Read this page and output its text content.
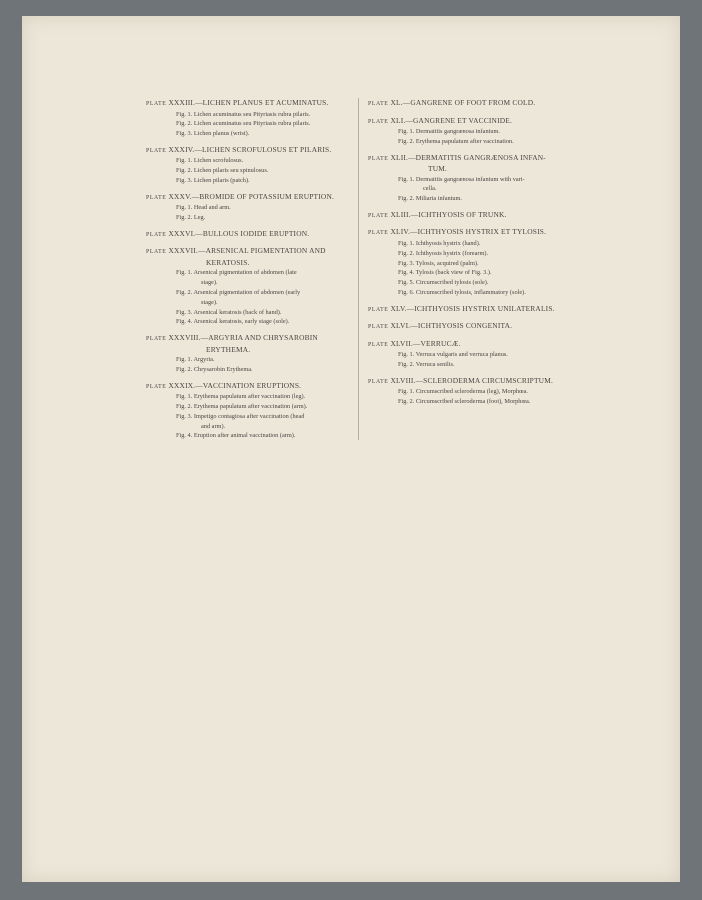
PLATE XXXIII.—LICHEN PLANUS ET ACUMINATUS.
Fig. 1. Lichen acuminatus seu Pityriasis rubra pilaris.
Fig. 2. Lichen acuminatus seu Pityriasis rubra pilaris.
Fig. 3. Lichen planus (wrist).
PLATE XXXIV.—LICHEN SCROFULOSUS ET PILARIS.
Fig. 1. Lichen scrofulosus.
Fig. 2. Lichen pilaris seu spinulosus.
Fig. 3. Lichen pilaris (patch).
PLATE XXXV.—BROMIDE OF POTASSIUM ERUPTION.
Fig. 1. Head and arm.
Fig. 2. Leg.
PLATE XXXVI.—BULLOUS IODIDE ERUPTION.
PLATE XXXVII.—ARSENICAL PIGMENTATION AND
KERATOSIS.
Fig. 1. Arsenical pigmentation of abdomen (late
stage).
Fig. 2. Arsenical pigmentation of abdomen (early
stage).
Fig. 3. Arsenical keratosis (back of hand).
Fig. 4. Arsenical keratosis, early stage (sole).
PLATE XXXVIII.—ARGYRIA AND CHRYSAROBIN
ERYTHEMA.
Fig. 1. Argyria.
Fig. 2. Chrysarobin Erythema.
PLATE XXXIX.—VACCINATION ERUPTIONS.
Fig. 1. Erythema papulatum after vaccination (leg).
Fig. 2. Erythema papulatum after vaccination (arm).
Fig. 3. Impetigo contagiosa after vaccination (head
and arm).
Fig. 4. Eruption after animal vaccination (arm).
PLATE XL.—GANGRENE OF FOOT FROM COLD.
PLATE XLI.—GANGRENE ET VACCINIDE.
Fig. 1. Dermatitis gangrænosa infantum.
Fig. 2. Erythema papulatum after vaccination.
PLATE XLII.—DERMATITIS GANGRÆNOSA INFAN-
TUM.
Fig. 1. Dermatitis gangrænosa infantum with vari-
cella.
Fig. 2. Miliaria infantum.
PLATE XLIII.—ICHTHYOSIS OF TRUNK.
PLATE XLIV.—ICHTHYOSIS HYSTRIX ET TYLOSIS.
Fig. 1. Ichthyosis hystrix (hand).
Fig. 2. Ichthyosis hystrix (forearm).
Fig. 3. Tylosis, acquired (palm).
Fig. 4. Tylosis (back view of Fig. 3.).
Fig. 5. Circumscribed tylosis (sole).
Fig. 6. Circumscribed tylosis, inflammatory (sole).
PLATE XLV.—ICHTHYOSIS HYSTRIX UNILATERALIS.
PLATE XLVI.—ICHTHYOSIS CONGENITA.
PLATE XLVII.—VERRUCÆ.
Fig. 1. Verruca vulgaris and verruca planus.
Fig. 2. Verruca senilis.
PLATE XLVIII.—SCLERODERMA CIRCUMSCRIPTUM.
Fig. 1. Circumscribed scleroderma (leg), Morphœa.
Fig. 2. Circumscribed scleroderma (foot), Morphœa.
